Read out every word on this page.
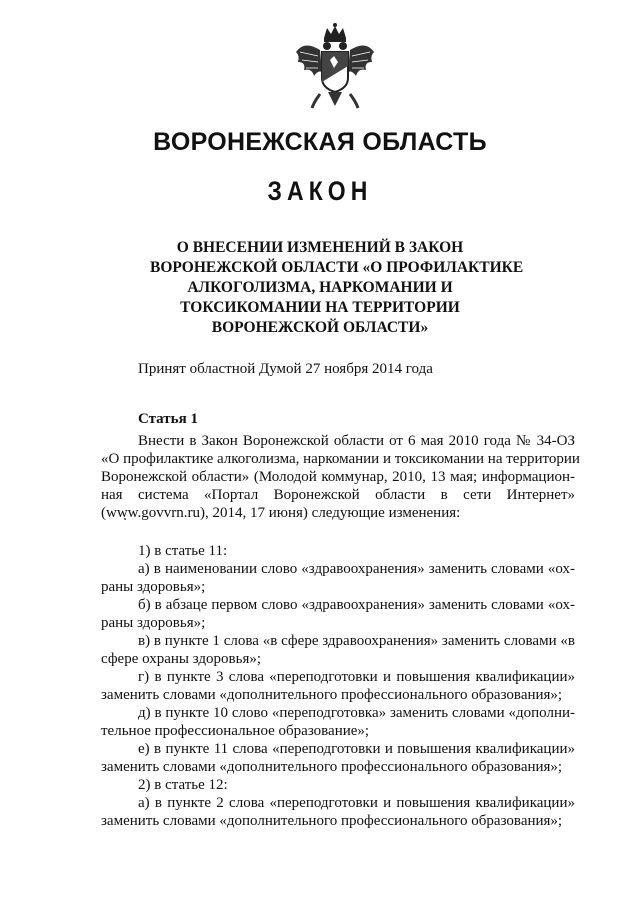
ВОРОНЕЖСКАЯ ОБЛАСТЬ
ЗАКОН
О ВНЕСЕНИИ ИЗМЕНЕНИЙ В ЗАКОН
ВОРОНЕЖСКОЙ ОБЛАСТИ «О ПРОФИЛАКТИКЕ
АЛКОГОЛИЗМА, НАРКОМАНИИ И
ТОКСИКОМАНИИ НА ТЕРРИТОРИИ
ВОРОНЕЖСКОЙ ОБЛАСТИ»
Принят областной Думой 27 ноября 2014 года
Статья 1
Внести в Закон Воронежской области от 6 мая 2010 года № 34-ОЗ
«О профилактике алкоголизма, наркомании и токсикомании на территории
Воронежской области» (Молодой коммунар, 2010, 13 мая; информацион-
ная система «Портал Воронежской области в сети Интернет»
(www.govvrn.ru), 2014, 17 июня) следующие изменения:
1) в статье 11:
а) в наименовании слово «здравоохранения» заменить словами «ох-
раны здоровья»;
б) в абзаце первом слово «здравоохранения» заменить словами «ох-
раны здоровья»;
в) в пункте 1 слова «в сфере здравоохранения» заменить словами «в
сфере охраны здоровья»;
г) в пункте 3 слова «переподготовки и повышения квалификации»
заменить словами «дополнительного профессионального образования»;
д) в пункте 10 слово «переподготовка» заменить словами «дополни-
тельное профессиональное образование»;
е) в пункте 11 слова «переподготовки и повышения квалификации»
заменить словами «дополнительного профессионального образования»;
2) в статье 12:
а) в пункте 2 слова «переподготовки и повышения квалификации»
заменить словами «дополнительного профессионального образования»;
